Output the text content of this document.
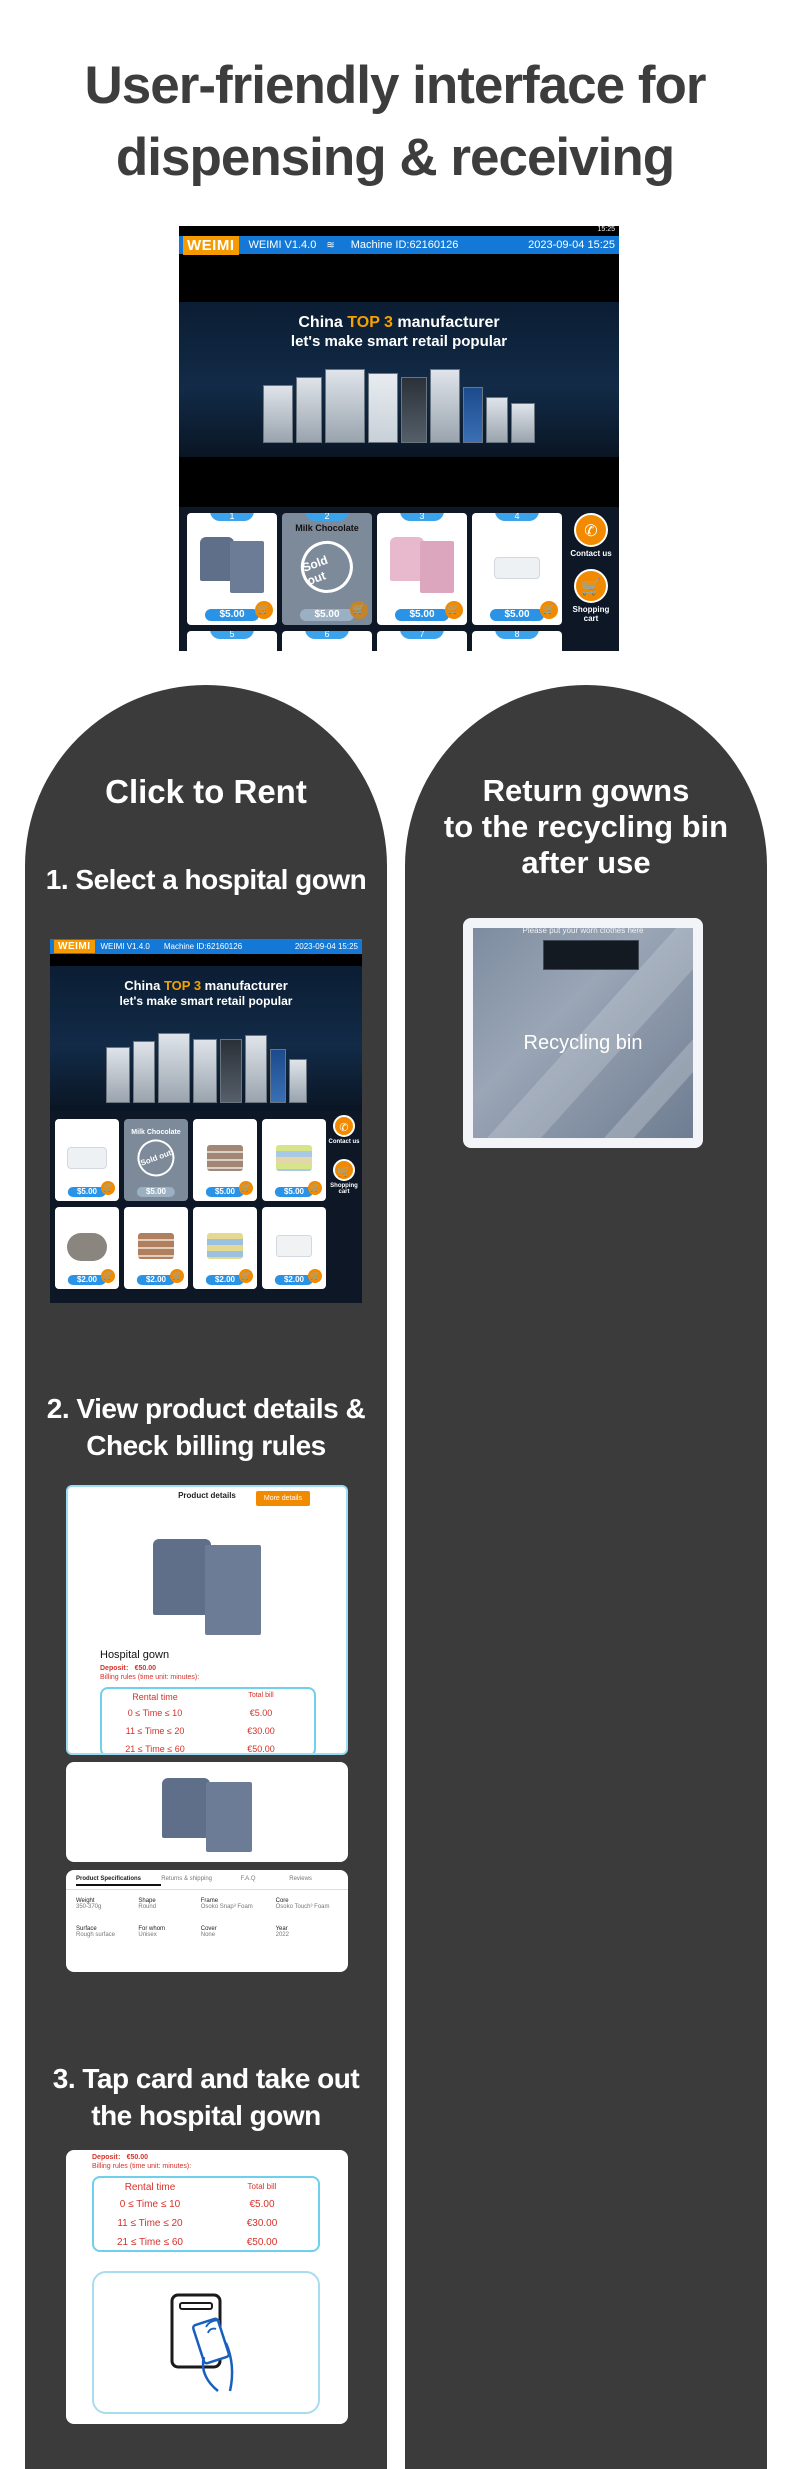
User-friendly interface for
dispensing & receiving
15:25
WEIMI	WEIMI V1.4.0 ≋ Machine ID:62160126	2023-09-04 15:25
China TOP 3 manufacturer
let's make smart retail popular
1
$5.00	🛒
2
Milk Chocolate
Sold out
$5.00	🛒
3
$5.00	🛒
4
$5.00	🛒
✆
Contact us
🛒
Shopping cart
5	6	7	8
Click to Rent
1. Select a hospital gown
WEIMI	WEIMI V1.4.0 Machine ID:62160126	2023-09-04 15:25
China TOP 3 manufacturer
let's make smart retail popular
$5.00 🛒
Milk Chocolate
Sold out
$5.00	$5.00 🛒	$5.00 🛒
✆
Contact us
🛒
Shopping cart
$2.00 🛒	$2.00 🛒	$2.00 🛒	$2.00 🛒
2. View product details &
Check billing rules
Product details	More details
Hospital gown
Deposit： €50.00
Billing rules (time unit: minutes):
Rental time	Total bill
0 ≤ Time ≤ 10	€5.00
11 ≤ Time ≤ 20	€30.00
21 ≤ Time ≤ 60	€50.00
Product Specifications	Returns & shipping	F.A.Q	Reviews
Weight
350-370g
Shape
Round
Frame
Osoko Snap³ Foam
Core
Osoko Touch³ Foam
Surface
Rough surface
For whom
Unisex
Cover
None
Year
2022
3. Tap card and take out
the hospital gown
Deposit： €50.00
Billing rules (time unit: minutes):
Rental time	Total bill
0 ≤ Time ≤ 10	€5.00
11 ≤ Time ≤ 20	€30.00
21 ≤ Time ≤ 60	€50.00
Return gowns
to the recycling bin
after use
Please put your worn clothes here
Recycling bin
